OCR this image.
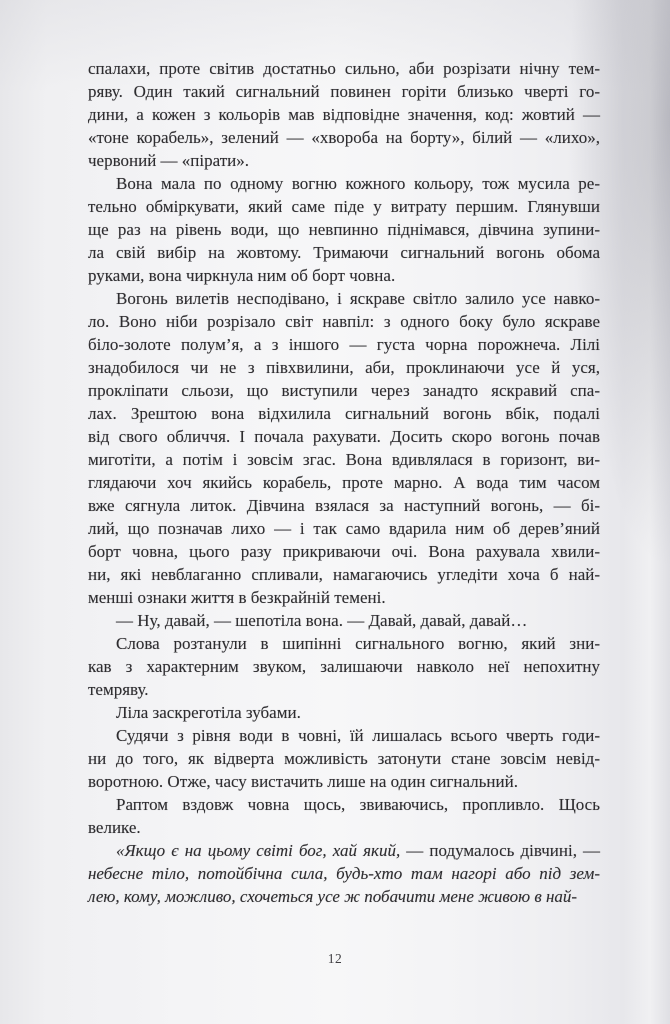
спалахи, проте світив достатньо сильно, аби розрізати нічну тем-
ряву. Один такий сигнальний повинен горіти близько чверті го-
дини, а кожен з кольорів мав відповідне значення, код: жовтий —
«тоне корабель», зелений — «хвороба на борту», білий — «лихо»,
червоний — «пірати».

Вона мала по одному вогню кожного кольору, тож мусила ре-
тельно обміркувати, який саме піде у витрату першим. Глянувши
ще раз на рівень води, що невпинно піднімався, дівчина зупини-
ла свій вибір на жовтому. Тримаючи сигнальний вогонь обома
руками, вона чиркнула ним об борт човна.

Вогонь вилетів несподівано, і яскраве світло залило усе навко-
ло. Воно ніби розрізало світ навпіл: з одного боку було яскраве
біло-золоте полум’я, а з іншого — густа чорна порожнеча. Лілі
знадобилося чи не з півхвилини, аби, проклинаючи усе й уся,
прокліпати сльози, що виступили через занадто яскравий спа-
лах. Зрештою вона відхилила сигнальний вогонь вбік, подалі
від свого обличчя. І почала рахувати. Досить скоро вогонь почав
миготіти, а потім і зовсім згас. Вона вдивлялася в горизонт, ви-
глядаючи хоч якийсь корабель, проте марно. А вода тим часом
вже сягнула литок. Дівчина взялася за наступний вогонь, — бі-
лий, що позначав лихо — і так само вдарила ним об дерев’яний
борт човна, цього разу прикриваючи очі. Вона рахувала хвили-
ни, які невблаганно спливали, намагаючись угледіти хоча б най-
менші ознаки життя в безкрайній темені.

— Ну, давай, — шепотіла вона. — Давай, давай, давай…

Слова розтанули в шипінні сигнального вогню, який зни-
кав з характерним звуком, залишаючи навколо неї непохитну
темряву.

Ліла заскреготіла зубами.

Судячи з рівня води в човні, їй лишалась всього чверть годи-
ни до того, як відверта можливість затонути стане зовсім невід-
воротною. Отже, часу вистачить лише на один сигнальний.

Раптом вздовж човна щось, звиваючись, пропливло. Щось
велике.

«Якщо є на цьому світі бог, хай який, — подумалось дівчині, —
небесне тіло, потойбічна сила, будь-хто там нагорі або під зем-
лею, кому, можливо, схочеться усе ж побачити мене живою в най-

12
